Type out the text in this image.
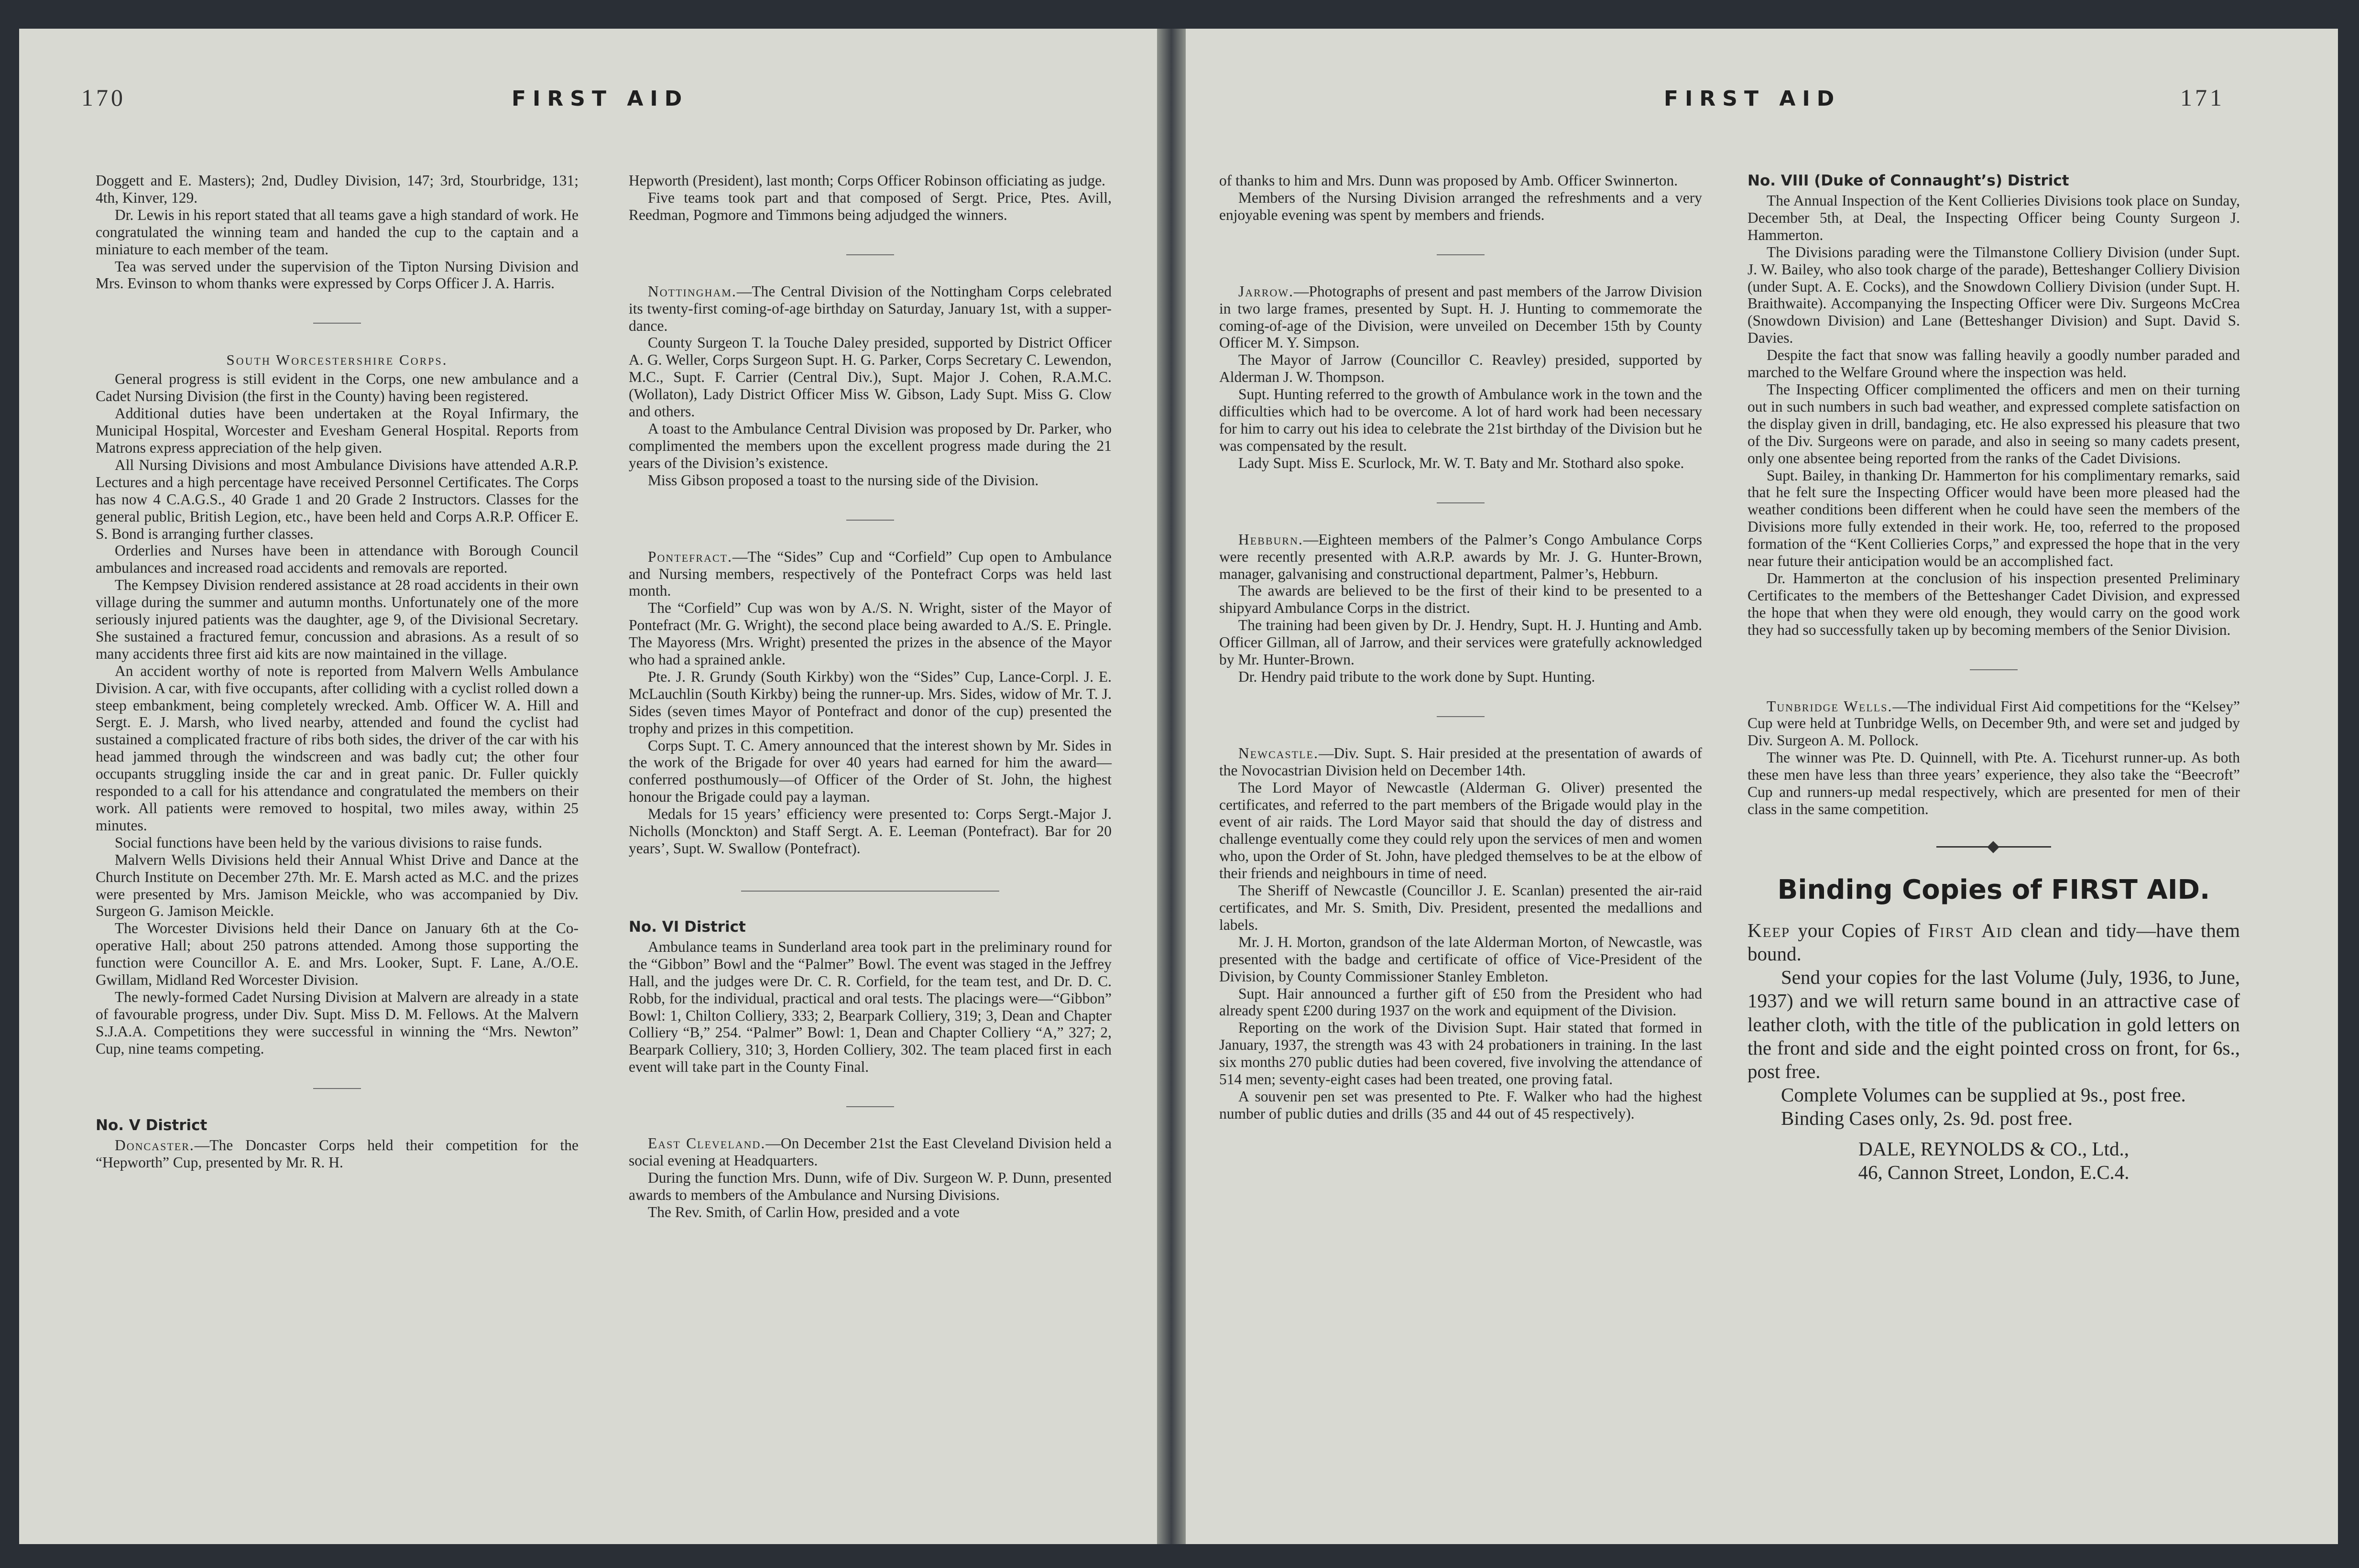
170	FIRST AID

Doggett and E. Masters); 2nd, Dudley Division, 147; 3rd, Stourbridge, 131; 4th, Kinver, 129.

Dr. Lewis in his report stated that all teams gave a high standard of work. He congratulated the winning team and handed the cup to the captain and a miniature to each member of the team.

Tea was served under the supervision of the Tipton Nursing Division and Mrs. Evinson to whom thanks were expressed by Corps Officer J. A. Harris.

South Worcestershire Corps.

General progress is still evident in the Corps, one new ambulance and a Cadet Nursing Division (the first in the County) having been registered.

Additional duties have been undertaken at the Royal Infirmary, the Municipal Hospital, Worcester and Evesham General Hospital. Reports from Matrons express appreciation of the help given.

All Nursing Divisions and most Ambulance Divisions have attended A.R.P. Lectures and a high percentage have received Personnel Certificates. The Corps has now 4 C.A.G.S., 40 Grade 1 and 20 Grade 2 Instructors. Classes for the general public, British Legion, etc., have been held and Corps A.R.P. Officer E. S. Bond is arranging further classes.

Orderlies and Nurses have been in attendance with Borough Council ambulances and increased road accidents and removals are reported.

The Kempsey Division rendered assistance at 28 road accidents in their own village during the summer and autumn months. Unfortunately one of the more seriously injured patients was the daughter, age 9, of the Divisional Secretary. She sustained a fractured femur, concussion and abrasions. As a result of so many accidents three first aid kits are now maintained in the village.

An accident worthy of note is reported from Malvern Wells Ambulance Division. A car, with five occupants, after colliding with a cyclist rolled down a steep embankment, being completely wrecked. Amb. Officer W. A. Hill and Sergt. E. J. Marsh, who lived nearby, attended and found the cyclist had sustained a complicated fracture of ribs both sides, the driver of the car with his head jammed through the windscreen and was badly cut; the other four occupants struggling inside the car and in great panic. Dr. Fuller quickly responded to a call for his attendance and congratulated the members on their work. All patients were removed to hospital, two miles away, within 25 minutes.

Social functions have been held by the various divisions to raise funds.

Malvern Wells Divisions held their Annual Whist Drive and Dance at the Church Institute on December 27th. Mr. E. Marsh acted as M.C. and the prizes were presented by Mrs. Jamison Meickle, who was accompanied by Div. Surgeon G. Jamison Meickle.

The Worcester Divisions held their Dance on January 6th at the Co-operative Hall; about 250 patrons attended. Among those supporting the function were Councillor A. E. and Mrs. Looker, Supt. F. Lane, A./O.E. Gwillam, Midland Red Worcester Division.

The newly-formed Cadet Nursing Division at Malvern are already in a state of favourable progress, under Div. Supt. Miss D. M. Fellows. At the Malvern S.J.A.A. Competitions they were successful in winning the “Mrs. Newton” Cup, nine teams competing.

No. V District

Doncaster.—The Doncaster Corps held their competition for the “Hepworth” Cup, presented by Mr. R. H.

Hepworth (President), last month; Corps Officer Robinson officiating as judge.

Five teams took part and that composed of Sergt. Price, Ptes. Avill, Reedman, Pogmore and Timmons being adjudged the winners.

Nottingham.—The Central Division of the Nottingham Corps celebrated its twenty-first coming-of-age birthday on Saturday, January 1st, with a supper-dance.

County Surgeon T. la Touche Daley presided, supported by District Officer A. G. Weller, Corps Surgeon Supt. H. G. Parker, Corps Secretary C. Lewendon, M.C., Supt. F. Carrier (Central Div.), Supt. Major J. Cohen, R.A.M.C. (Wollaton), Lady District Officer Miss W. Gibson, Lady Supt. Miss G. Clow and others.

A toast to the Ambulance Central Division was proposed by Dr. Parker, who complimented the members upon the excellent progress made during the 21 years of the Division’s existence.

Miss Gibson proposed a toast to the nursing side of the Division.

Pontefract.—The “Sides” Cup and “Corfield” Cup open to Ambulance and Nursing members, respectively of the Pontefract Corps was held last month.

The “Corfield” Cup was won by A./S. N. Wright, sister of the Mayor of Pontefract (Mr. G. Wright), the second place being awarded to A./S. E. Pringle. The Mayoress (Mrs. Wright) presented the prizes in the absence of the Mayor who had a sprained ankle.

Pte. J. R. Grundy (South Kirkby) won the “Sides” Cup, Lance-Corpl. J. E. McLauchlin (South Kirkby) being the runner-up. Mrs. Sides, widow of Mr. T. J. Sides (seven times Mayor of Pontefract and donor of the cup) presented the trophy and prizes in this competition.

Corps Supt. T. C. Amery announced that the interest shown by Mr. Sides in the work of the Brigade for over 40 years had earned for him the award—conferred posthumously—of Officer of the Order of St. John, the highest honour the Brigade could pay a layman.

Medals for 15 years’ efficiency were presented to: Corps Sergt.-Major J. Nicholls (Monckton) and Staff Sergt. A. E. Leeman (Pontefract). Bar for 20 years’, Supt. W. Swallow (Pontefract).

No. VI District

Ambulance teams in Sunderland area took part in the preliminary round for the “Gibbon” Bowl and the “Palmer” Bowl. The event was staged in the Jeffrey Hall, and the judges were Dr. C. R. Corfield, for the team test, and Dr. D. C. Robb, for the individual, practical and oral tests. The placings were—“Gibbon” Bowl: 1, Chilton Colliery, 333; 2, Bearpark Colliery, 319; 3, Dean and Chapter Colliery “B,” 254. “Palmer” Bowl: 1, Dean and Chapter Colliery “A,” 327; 2, Bearpark Colliery, 310; 3, Horden Colliery, 302. The team placed first in each event will take part in the County Final.

East Cleveland.—On December 21st the East Cleveland Division held a social evening at Headquarters.

During the function Mrs. Dunn, wife of Div. Surgeon W. P. Dunn, presented awards to members of the Ambulance and Nursing Divisions.

The Rev. Smith, of Carlin How, presided and a vote

FIRST AID	171

of thanks to him and Mrs. Dunn was proposed by Amb. Officer Swinnerton.

Members of the Nursing Division arranged the refreshments and a very enjoyable evening was spent by members and friends.

Jarrow.—Photographs of present and past members of the Jarrow Division in two large frames, presented by Supt. H. J. Hunting to commemorate the coming-of-age of the Division, were unveiled on December 15th by County Officer M. Y. Simpson.

The Mayor of Jarrow (Councillor C. Reavley) presided, supported by Alderman J. W. Thompson.

Supt. Hunting referred to the growth of Ambulance work in the town and the difficulties which had to be overcome. A lot of hard work had been necessary for him to carry out his idea to celebrate the 21st birthday of the Division but he was compensated by the result.

Lady Supt. Miss E. Scurlock, Mr. W. T. Baty and Mr. Stothard also spoke.

Hebburn.—Eighteen members of the Palmer’s Congo Ambulance Corps were recently presented with A.R.P. awards by Mr. J. G. Hunter-Brown, manager, galvanising and constructional department, Palmer’s, Hebburn.

The awards are believed to be the first of their kind to be presented to a shipyard Ambulance Corps in the district.

The training had been given by Dr. J. Hendry, Supt. H. J. Hunting and Amb. Officer Gillman, all of Jarrow, and their services were gratefully acknowledged by Mr. Hunter-Brown.

Dr. Hendry paid tribute to the work done by Supt. Hunting.

Newcastle.—Div. Supt. S. Hair presided at the presentation of awards of the Novocastrian Division held on December 14th.

The Lord Mayor of Newcastle (Alderman G. Oliver) presented the certificates, and referred to the part members of the Brigade would play in the event of air raids. The Lord Mayor said that should the day of distress and challenge eventually come they could rely upon the services of men and women who, upon the Order of St. John, have pledged themselves to be at the elbow of their friends and neighbours in time of need.

The Sheriff of Newcastle (Councillor J. E. Scanlan) presented the air-raid certificates, and Mr. S. Smith, Div. President, presented the medallions and labels.

Mr. J. H. Morton, grandson of the late Alderman Morton, of Newcastle, was presented with the badge and certificate of office of Vice-President of the Division, by County Commissioner Stanley Embleton.

Supt. Hair announced a further gift of £50 from the President who had already spent £200 during 1937 on the work and equipment of the Division.

Reporting on the work of the Division Supt. Hair stated that formed in January, 1937, the strength was 43 with 24 probationers in training. In the last six months 270 public duties had been covered, five involving the attendance of 514 men; seventy-eight cases had been treated, one proving fatal.

A souvenir pen set was presented to Pte. F. Walker who had the highest number of public duties and drills (35 and 44 out of 45 respectively).

No. VIII (Duke of Connaught’s) District

The Annual Inspection of the Kent Collieries Divisions took place on Sunday, December 5th, at Deal, the Inspecting Officer being County Surgeon J. Hammerton.

The Divisions parading were the Tilmanstone Colliery Division (under Supt. J. W. Bailey, who also took charge of the parade), Betteshanger Colliery Division (under Supt. A. E. Cocks), and the Snowdown Colliery Division (under Supt. H. Braithwaite). Accompanying the Inspecting Officer were Div. Surgeons McCrea (Snowdown Division) and Lane (Betteshanger Division) and Supt. David S. Davies.

Despite the fact that snow was falling heavily a goodly number paraded and marched to the Welfare Ground where the inspection was held.

The Inspecting Officer complimented the officers and men on their turning out in such numbers in such bad weather, and expressed complete satisfaction on the display given in drill, bandaging, etc. He also expressed his pleasure that two of the Div. Surgeons were on parade, and also in seeing so many cadets present, only one absentee being reported from the ranks of the Cadet Divisions.

Supt. Bailey, in thanking Dr. Hammerton for his complimentary remarks, said that he felt sure the Inspecting Officer would have been more pleased had the weather conditions been different when he could have seen the members of the Divisions more fully extended in their work. He, too, referred to the proposed formation of the “Kent Collieries Corps,” and expressed the hope that in the very near future their anticipation would be an accomplished fact.

Dr. Hammerton at the conclusion of his inspection presented Preliminary Certificates to the members of the Betteshanger Cadet Division, and expressed the hope that when they were old enough, they would carry on the good work they had so successfully taken up by becoming members of the Senior Division.

Tunbridge Wells.—The individual First Aid competitions for the “Kelsey” Cup were held at Tunbridge Wells, on December 9th, and were set and judged by Div. Surgeon A. M. Pollock.

The winner was Pte. D. Quinnell, with Pte. A. Ticehurst runner-up. As both these men have less than three years’ experience, they also take the “Beecroft” Cup and runners-up medal respectively, which are presented for men of their class in the same competition.

Binding Copies of FIRST AID.

Keep your Copies of First Aid clean and tidy—have them bound.

Send your copies for the last Volume (July, 1936, to June, 1937) and we will return same bound in an attractive case of leather cloth, with the title of the publication in gold letters on the front and side and the eight pointed cross on front, for 6s., post free.

Complete Volumes can be supplied at 9s., post free.

Binding Cases only, 2s. 9d. post free.

DALE, REYNOLDS & CO., Ltd.,

46, Cannon Street, London, E.C.4.
